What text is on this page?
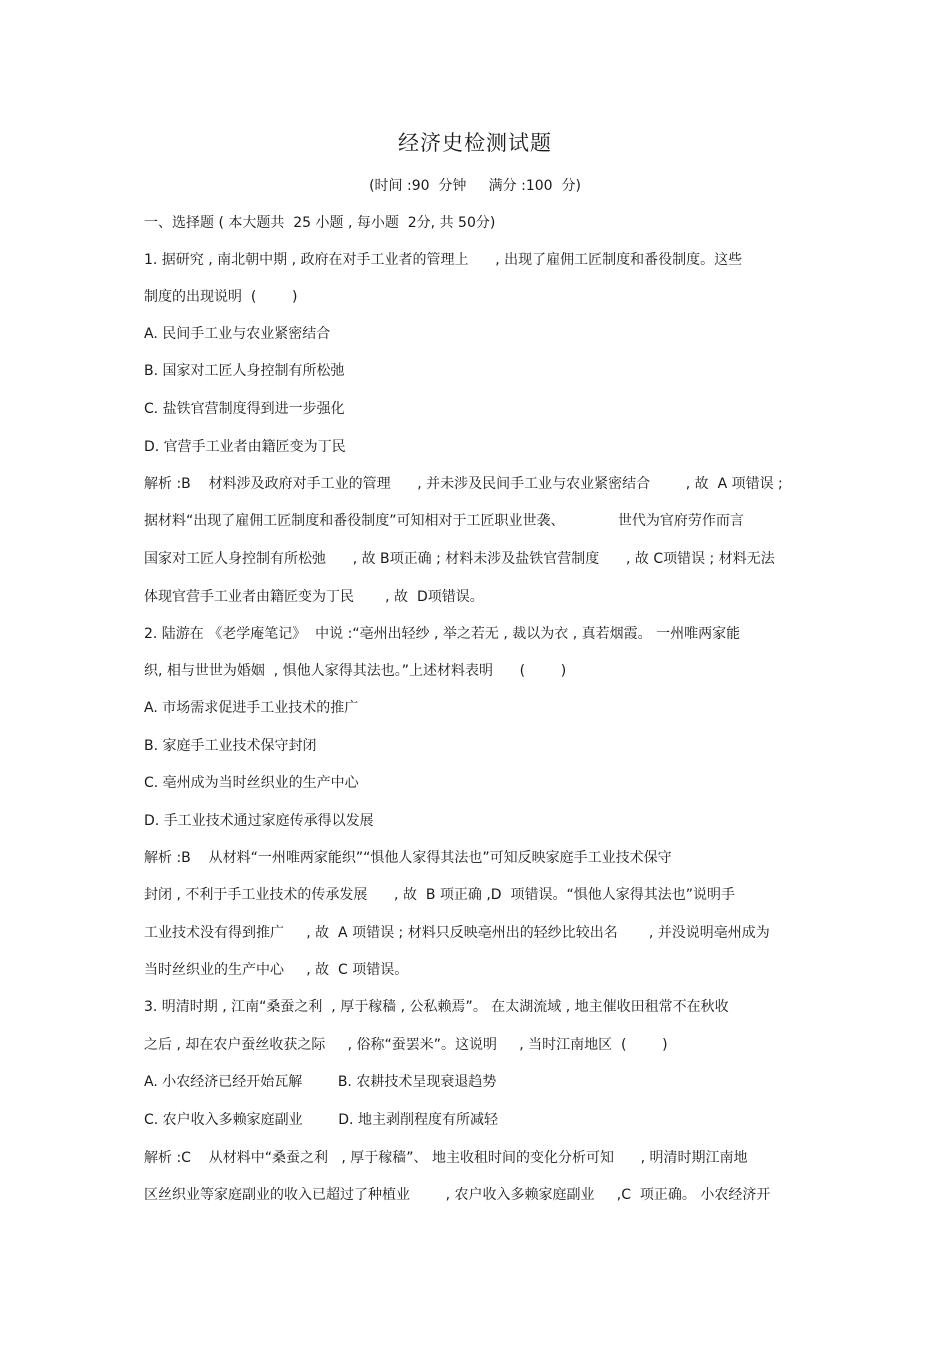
经济史检测试题
(时间 :90  分钟     满分 :100  分)
一、选择题 ( 本大题共  25 小题 , 每小题  2分, 共 50分)
1. 据研究 , 南北朝中期 , 政府在对手工业者的管理上      , 出现了雇佣工匠制度和番役制度。这些
制度的出现说明  (        )
A. 民间手工业与农业紧密结合
B. 国家对工匠人身控制有所松弛
C. 盐铁官营制度得到进一步强化
D. 官营手工业者由籍匠变为丁民
解析 :B    材料涉及政府对手工业的管理      , 并未涉及民间手工业与农业紧密结合        , 故  A 项错误 ;
据材料“出现了雇佣工匠制度和番役制度”可知相对于工匠职业世袭、            世代为官府劳作而言
国家对工匠人身控制有所松弛      , 故 B项正确 ; 材料未涉及盐铁官营制度      , 故 C项错误 ; 材料无法
体现官营手工业者由籍匠变为丁民       , 故  D项错误。
2. 陆游在 《老学庵笔记》  中说 :“亳州出轻纱 , 举之若无 , 裁以为衣 , 真若烟霞。 一州唯两家能
织, 相与世世为婚姻  , 惧他人家得其法也。”上述材料表明      (        )
A. 市场需求促进手工业技术的推广
B. 家庭手工业技术保守封闭
C. 亳州成为当时丝织业的生产中心
D. 手工业技术通过家庭传承得以发展
解析 :B    从材料“一州唯两家能织”“惧他人家得其法也”可知反映家庭手工业技术保守
封闭 , 不利于手工业技术的传承发展      , 故  B 项正确 ,D  项错误。“惧他人家得其法也”说明手
工业技术没有得到推广     , 故  A 项错误 ; 材料只反映亳州出的轻纱比较出名       , 并没说明亳州成为
当时丝织业的生产中心     , 故  C 项错误。
3. 明清时期 , 江南“桑蚕之利  , 厚于稼穑 , 公私赖焉”。 在太湖流域 , 地主催收田租常不在秋收
之后 , 却在农户蚕丝收获之际     , 俗称“蚕罢米”。这说明     , 当时江南地区  (        )
A. 小农经济已经开始瓦解        B. 农耕技术呈现衰退趋势
C. 农户收入多赖家庭副业        D. 地主剥削程度有所减轻
解析 :C    从材料中“桑蚕之利   , 厚于稼穑”、 地主收租时间的变化分析可知      , 明清时期江南地
区丝织业等家庭副业的收入已超过了种植业        , 农户收入多赖家庭副业     ,C  项正确。 小农经济开
